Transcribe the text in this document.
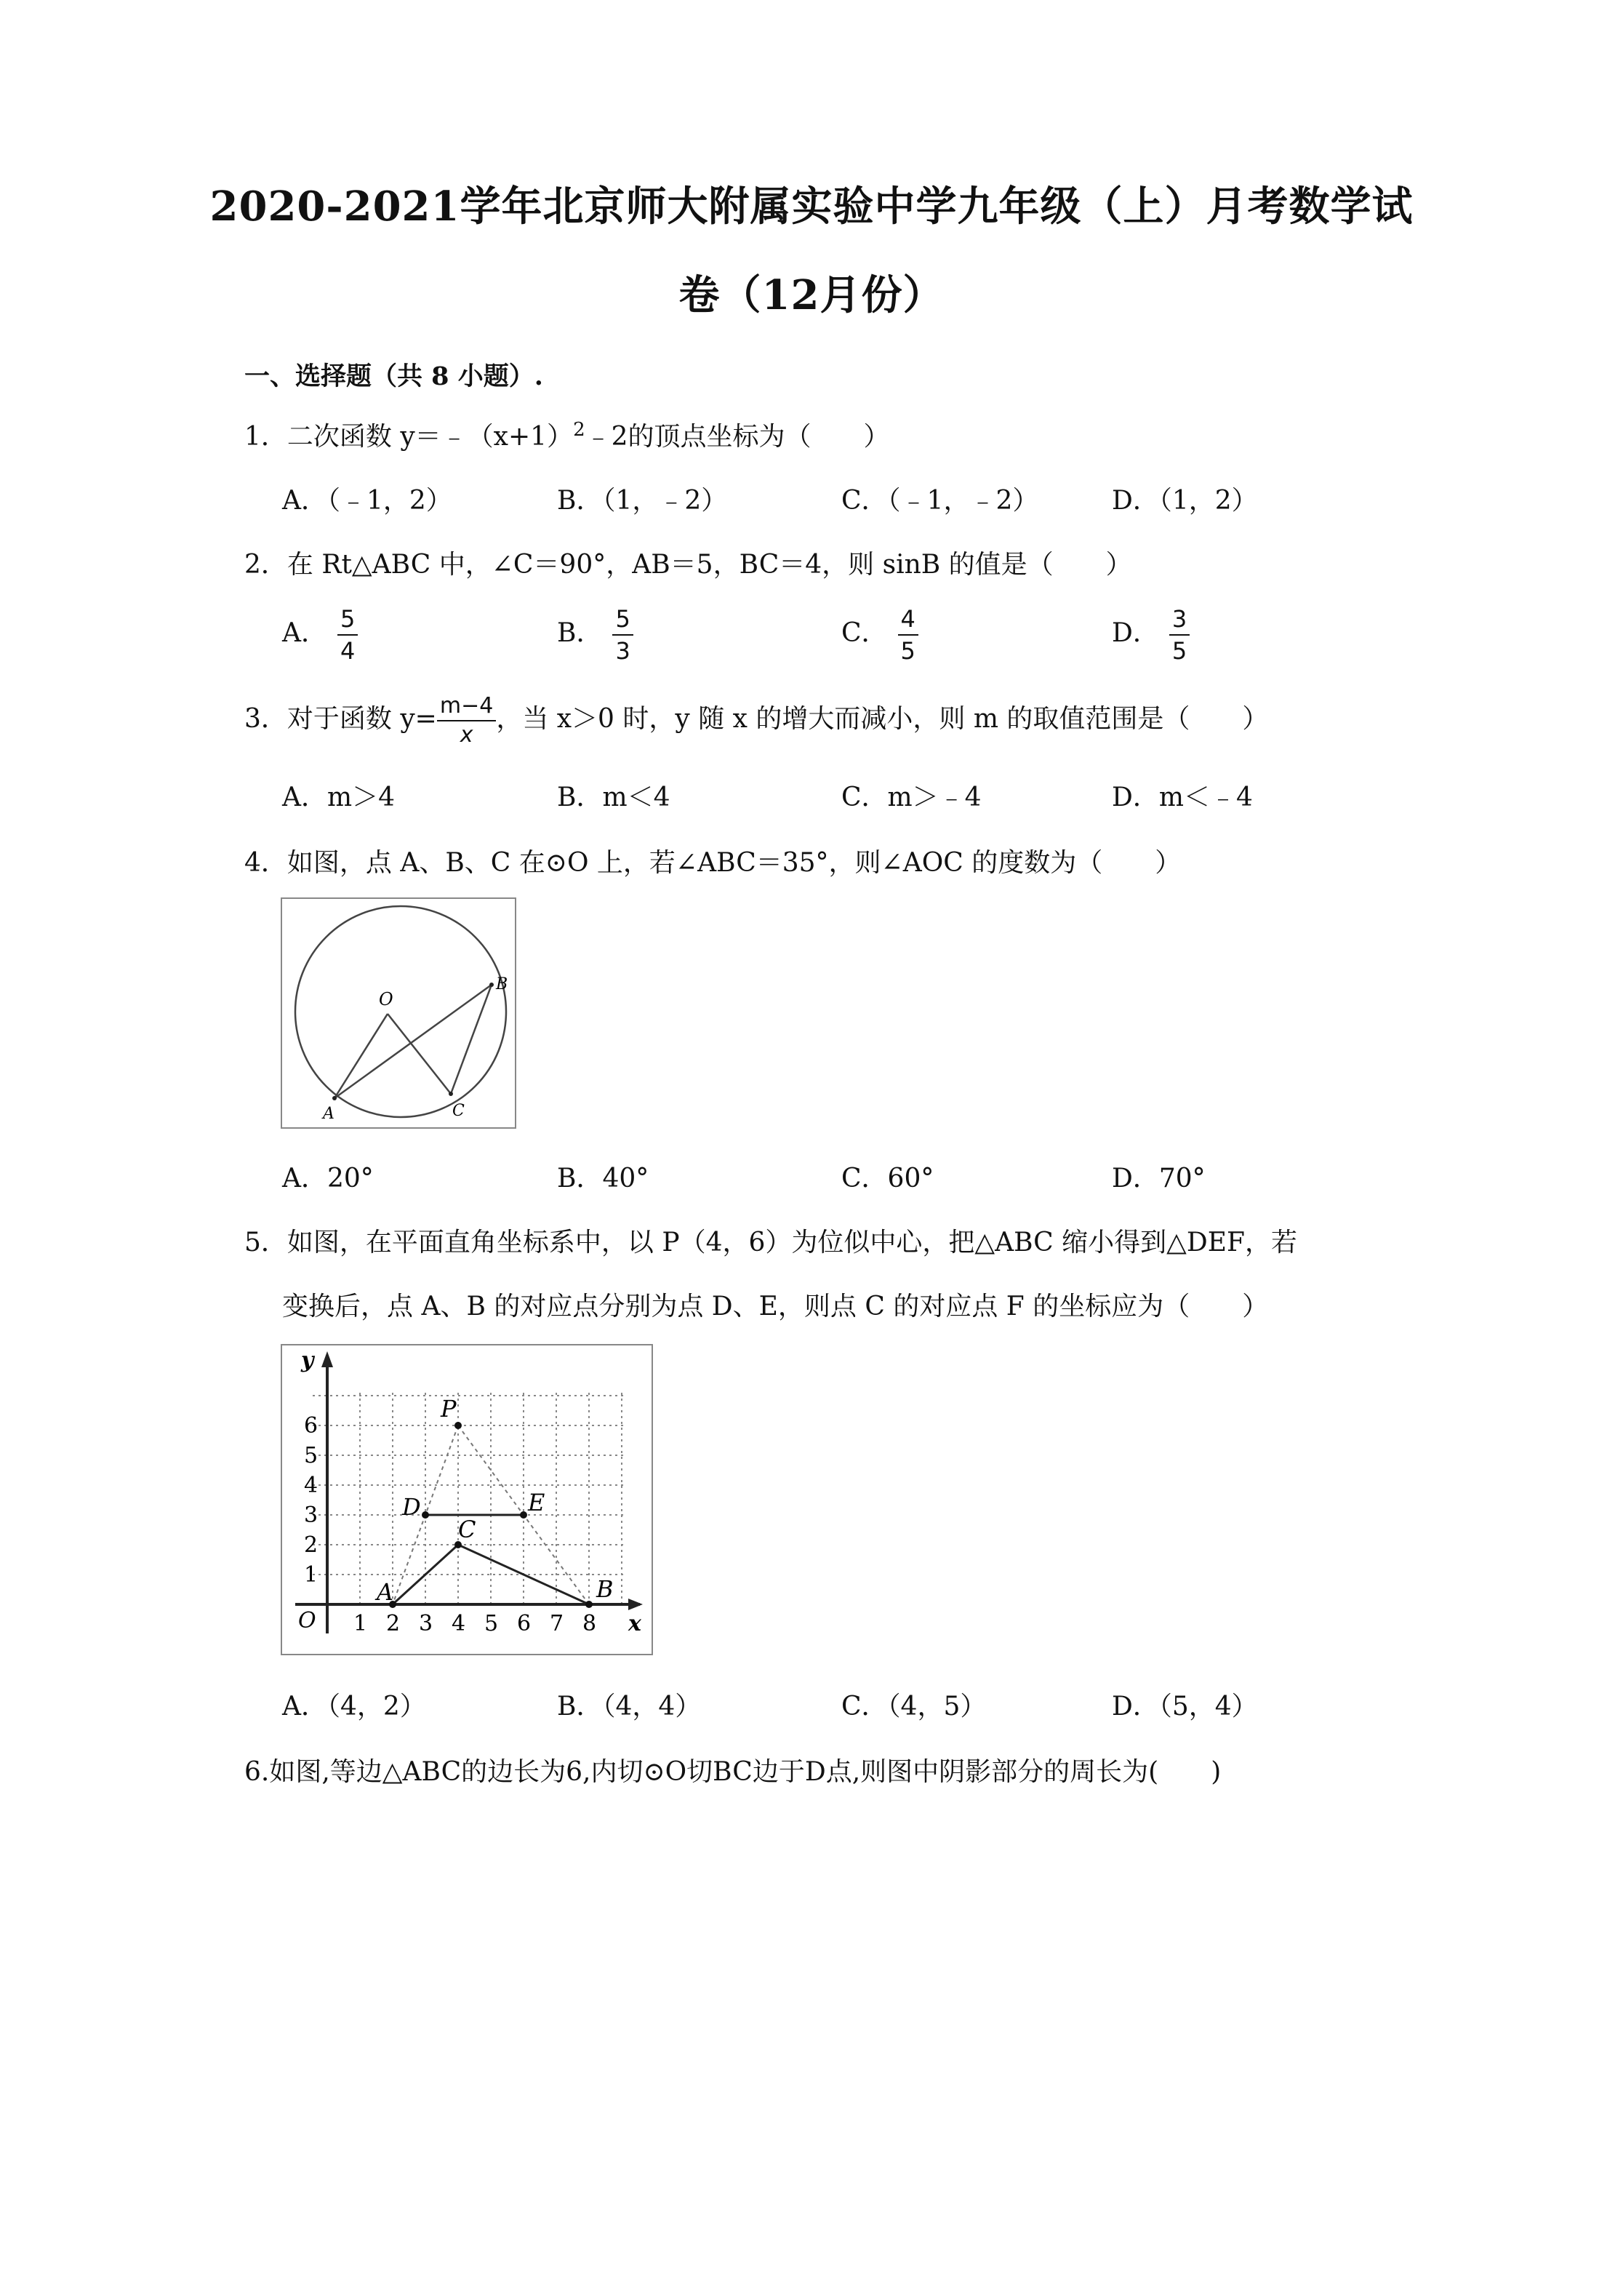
2020-2021学年北京师大附属实验中学九年级（上）月考数学试
卷（12月份）
一、选择题（共 8 小题）.
1．二次函数 $y=﹣(x+1)^2﹣2$的顶点坐标为（　　）
A．（﹣1，2）	B．（1，﹣2）	C．（﹣1，﹣2）	D．（1，2）
2．在 Rt△ABC 中，∠C＝90°，AB＝5，BC＝4，则 sinB 的值是（　　）
A． $\frac{5}{4}$	B． $\frac{5}{3}$	C． $\frac{4}{5}$	D． $\frac{3}{5}$
3．对于函数 $y= \frac{m-4}{x}$ ，当 x＞0 时，y 随 x 的增大而减小，则 m 的取值范围是（　　）
A．m＞4	B．m＜4	C．m＞﹣4	D．m＜﹣4
4．如图，点 A、B、C 在⊙O 上，若∠ABC＝35°，则∠AOC 的度数为（　　）
O
A
B
C
A．20°	B．40°	C．60°	D．70°
5．如图，在平面直角坐标系中，以 P（4，6）为位似中心，把△ABC 缩小得到△DEF，若
变换后，点 A、B 的对应点分别为点 D、E，则点 C 的对应点 F 的坐标应为（　　）
x
y
O 1 2 3 4 5 6 7 8
1
2
3
4
5
6
P
D	E
C
A	B
A．（4，2）	B．（4，4）	C．（4，5）	D．（5，4）
6.如图,等边△ABC的边长为6,内切⊙O切BC边于D点,则图中阴影部分的周长为(　　)
